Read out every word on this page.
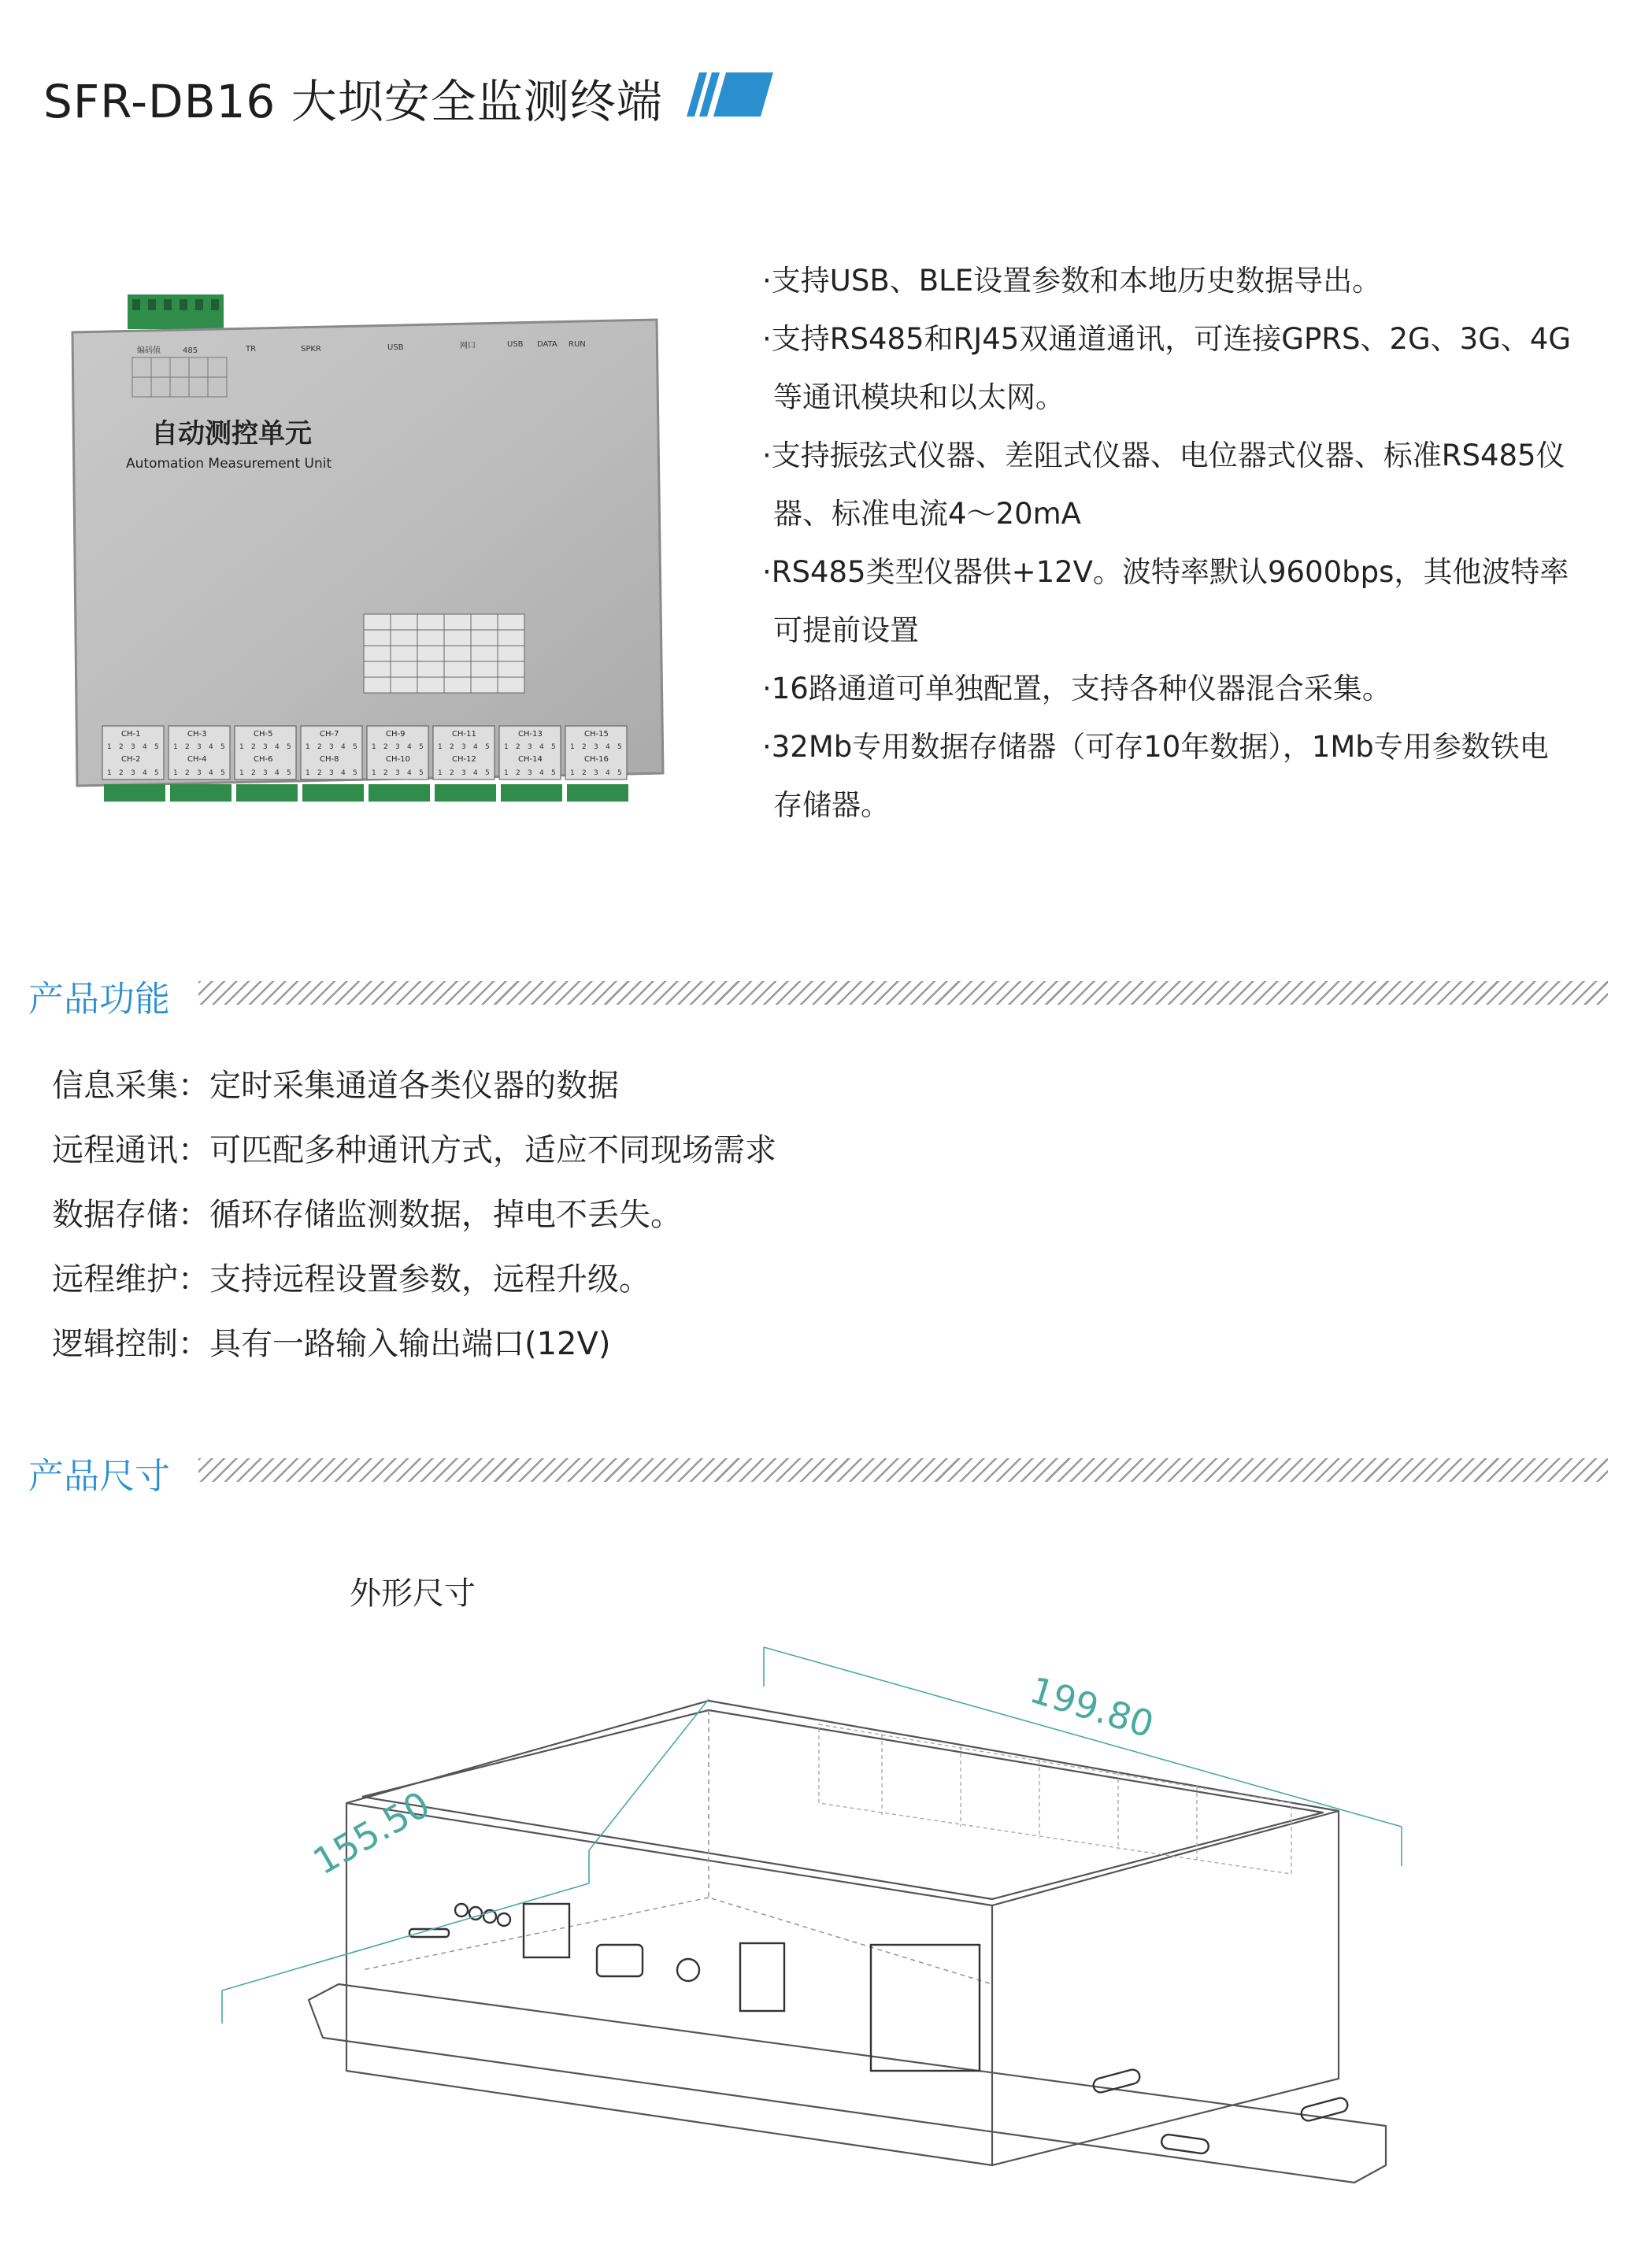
SFR-DB16 大坝安全监测终端
编码值	485	USB	网口	USB DATA RUN
TR	SPKR
自动测控单元
Automation Measurement Unit
CH-1
CH-2
1 2 3 4 5
1 2 3 4 5
CH-3
CH-4
1 2 3 4 5
1 2 3 4 5
CH-5
CH-6
1 2 3 4 5
1 2 3 4 5
CH-7
CH-8
1 2 3 4 5
1 2 3 4 5
CH-9
CH-10
1 2 3 4 5
1 2 3 4 5
CH-11
CH-12
1 2 3 4 5
1 2 3 4 5
CH-13
CH-14
1 2 3 4 5
1 2 3 4 5
CH-15
CH-16
1 2 3 4 5
1 2 3 4 5
·支持USB、BLE设置参数和本地历史数据导出。
·支持RS485和RJ45双通道通讯，可连接GPRS、2G、3G、4G
等通讯模块和以太网。
·支持振弦式仪器、差阻式仪器、电位器式仪器、标准RS485仪
器、标准电流4～20mA
·RS485类型仪器供+12V。波特率默认9600bps，其他波特率
可提前设置
·16路通道可单独配置，支持各种仪器混合采集。
·32Mb专用数据存储器（可存10年数据），1Mb专用参数铁电
存储器。
产品功能
信息采集：定时采集通道各类仪器的数据
远程通讯：可匹配多种通讯方式，适应不同现场需求
数据存储：循环存储监测数据，掉电不丢失。
远程维护：支持远程设置参数，远程升级。
逻辑控制：具有一路输入输出端口(12V)
产品尺寸
外形尺寸
155.50
199.80
